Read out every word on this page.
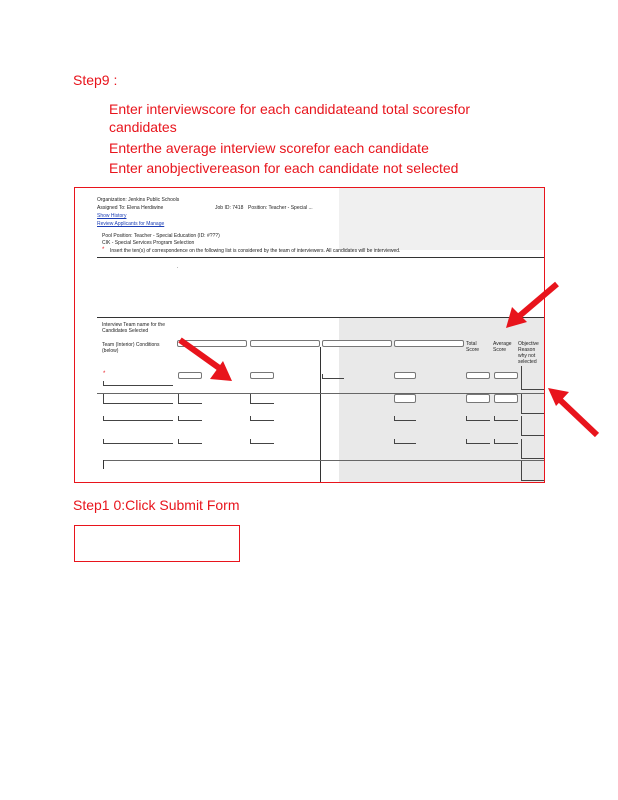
Step9 :
Enter interviewscore for each candidateand total scoresfor candidates
Enterthe average interview scorefor each candidate
Enter anobjectivereason for each candidate not selected
Organization: Jenkins Public Schools
Assigned To: Elena Herdiwine	Job ID: 7418 Position: Teacher - Special ...
Show History
Review Applicants for Manage
Pool Position: Teacher - Special Education (ID: #???)
CIK - Special Services Program Selection
* Insert the ten(s) of correspondence on the following list is considered by the team of interviewers. All candidates will be interviewed.
.
Interview Team name for the Candidates Selected
Team (Interior) Conditions (below)
Total Score
Average Score
Objective Reason why not selected
*
Step1 0:Click Submit Form
